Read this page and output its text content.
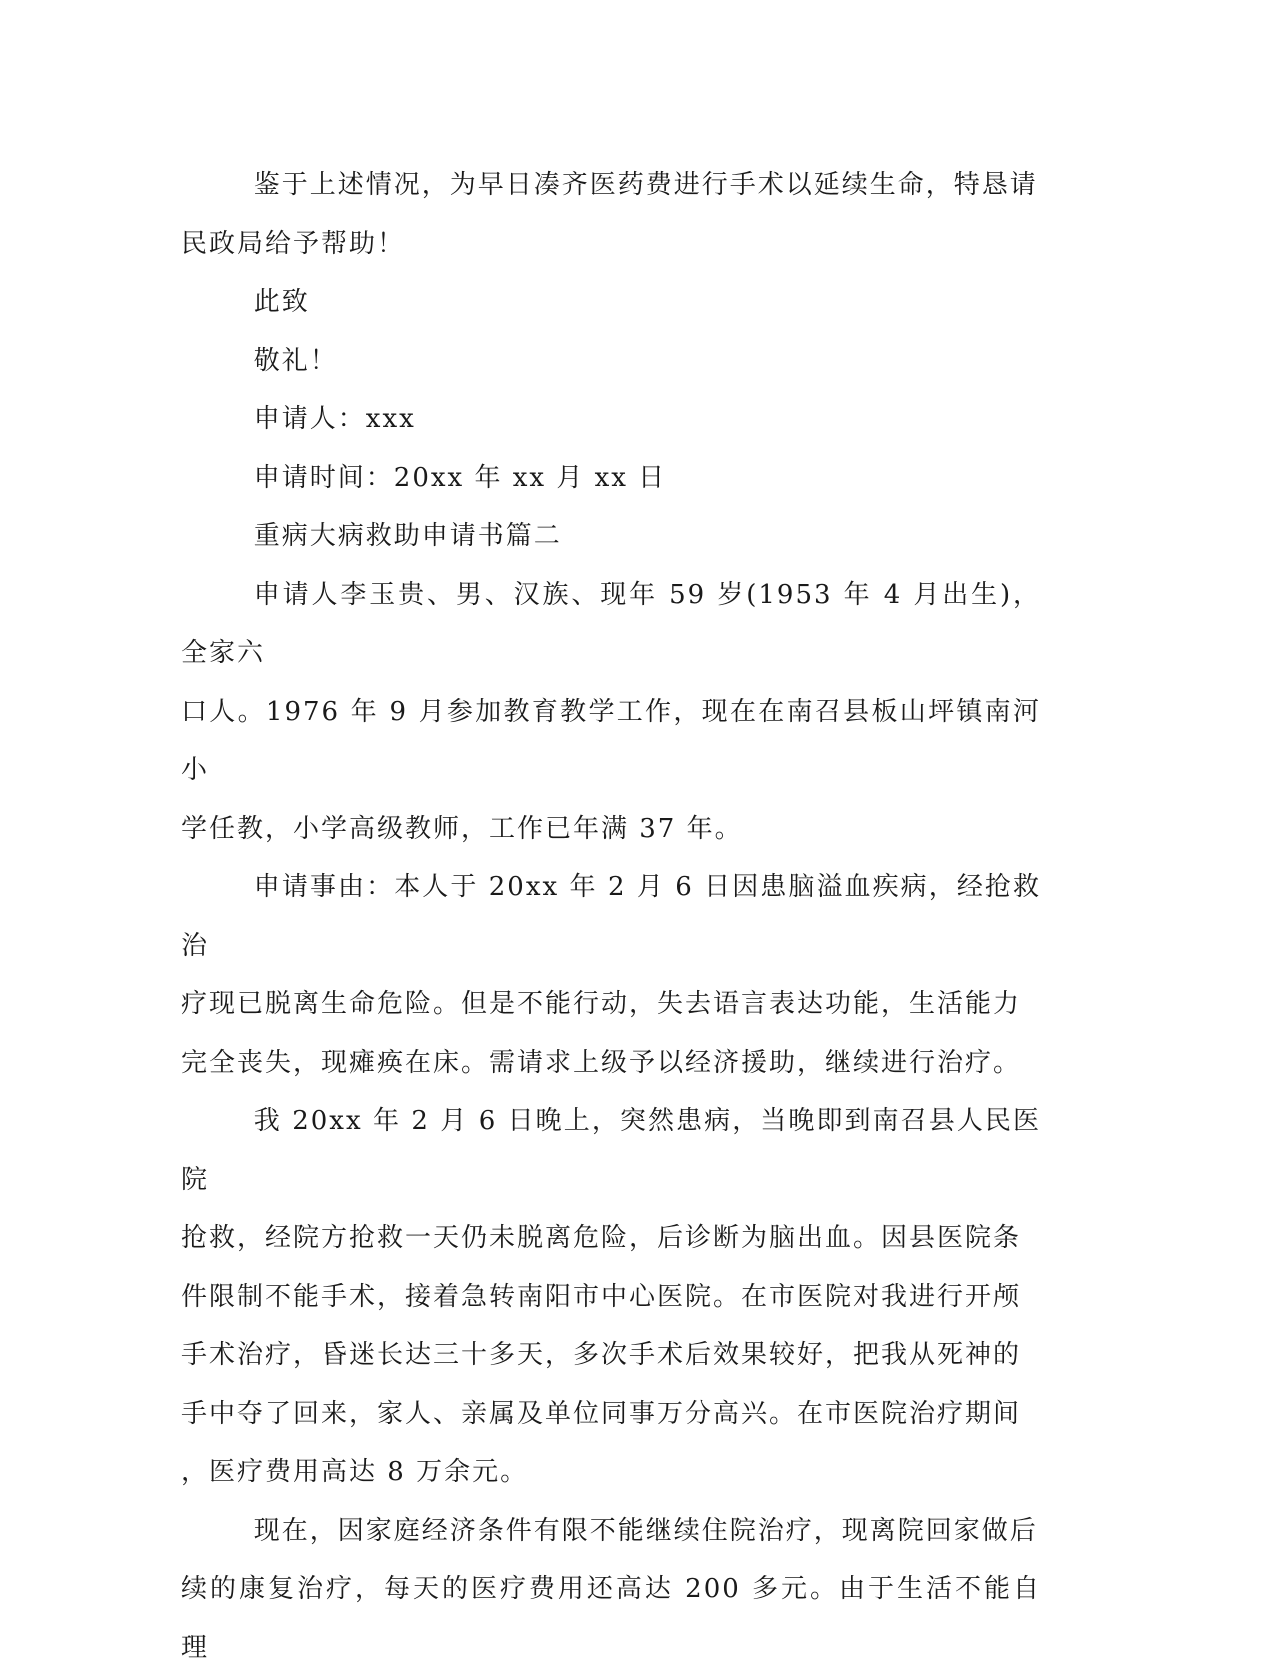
鉴于上述情况，为早日凑齐医药费进行手术以延续生命，特恳请
民政局给予帮助！

此致

敬礼！

申请人：xxx

申请时间：20xx 年 xx 月 xx 日

重病大病救助申请书篇二

申请人李玉贵、男、汉族、现年 59 岁(1953 年 4 月出生)，全家六
口人。1976 年 9 月参加教育教学工作，现在在南召县板山坪镇南河小
学任教，小学高级教师，工作已年满 37 年。

申请事由：本人于 20xx 年 2 月 6 日因患脑溢血疾病，经抢救治
疗现已脱离生命危险。但是不能行动，失去语言表达功能，生活能力
完全丧失，现瘫痪在床。需请求上级予以经济援助，继续进行治疗。

我 20xx 年 2 月 6 日晚上，突然患病，当晚即到南召县人民医院
抢救，经院方抢救一天仍未脱离危险，后诊断为脑出血。因县医院条
件限制不能手术，接着急转南阳市中心医院。在市医院对我进行开颅
手术治疗，昏迷长达三十多天，多次手术后效果较好，把我从死神的
手中夺了回来，家人、亲属及单位同事万分高兴。在市医院治疗期间
，医疗费用高达 8 万余元。

现在，因家庭经济条件有限不能继续住院治疗，现离院回家做后
续的康复治疗，每天的医疗费用还高达 200 多元。由于生活不能自理
